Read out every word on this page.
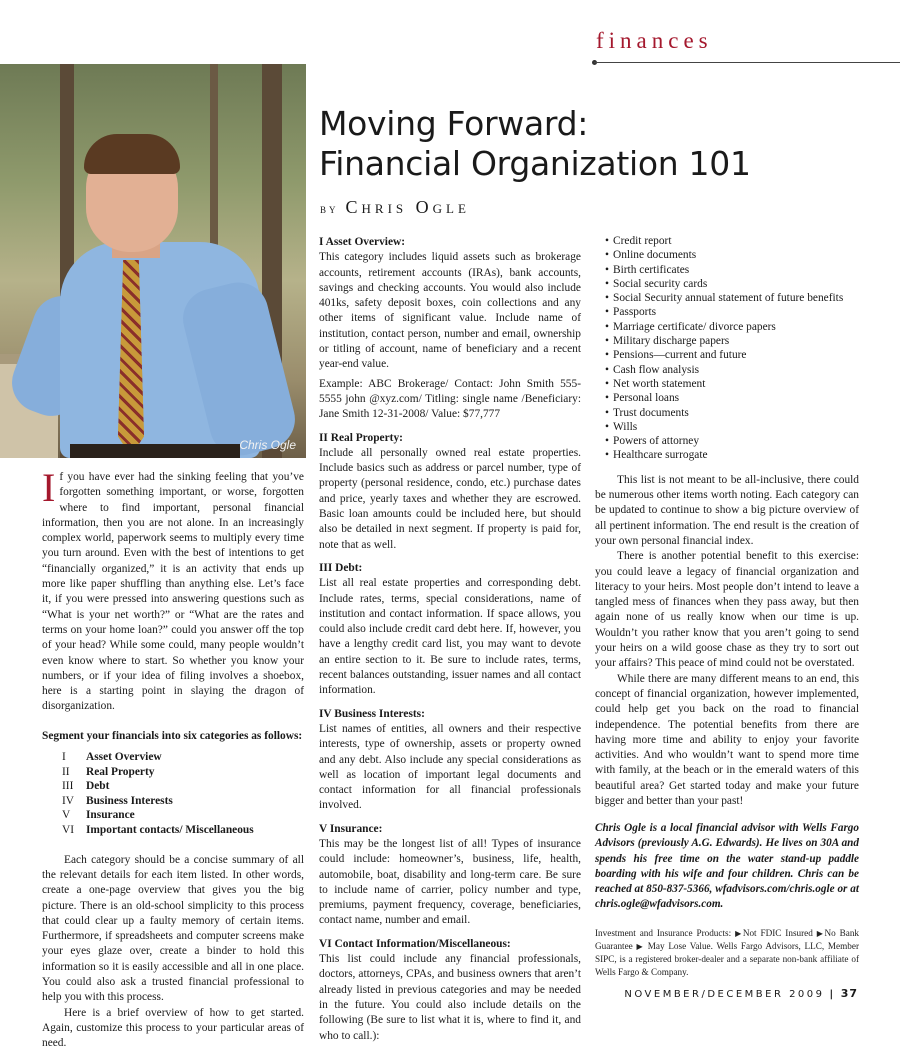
finances
Chris Ogle
Moving Forward:
Financial Organization 101
by Chris Ogle

If you have ever had the sinking feeling that you’ve forgotten something important, or worse, forgotten where to find important, personal financial information, then you are not alone. In an increasingly complex world, paperwork seems to multiply every time you turn around. Even with the best of intentions to get “financially organized,” it is an activity that ends up more like paper shuffling than anything else. Let’s face it, if you were pressed into answering questions such as “What is your net worth?” or “What are the rates and terms on your home loan?” could you answer off the top of your head? While some could, many people wouldn’t even know where to start. So whether you know your numbers, or if your idea of filing involves a shoebox, here is a starting point in slaying the dragon of disorganization.

Segment your financials into six categories as follows:

I Asset Overview
II Real Property
III Debt
IV Business Interests
V Insurance
VI Important contacts/ Miscellaneous

Each category should be a concise summary of all the relevant details for each item listed. In other words, create a one-page overview that gives you the big picture. There is an old-school simplicity to this process that could clear up a faulty memory of certain items. Furthermore, if spreadsheets and computer screens make your eyes glaze over, create a binder to hold this information so it is easily accessible and all in one place. You could also ask a trusted financial professional to help you with this process.

Here is a brief overview of how to get started. Again, customize this process to your particular areas of need.

I Asset Overview:

This category includes liquid assets such as brokerage accounts, retirement accounts (IRAs), bank accounts, savings and checking accounts. You would also include 401ks, safety deposit boxes, coin collections and any other items of significant value. Include name of institution, contact person, number and email, ownership or titling of account, name of beneficiary and a recent year-end value.

Example: ABC Brokerage/ Contact: John Smith 555-5555 john @xyz.com/ Titling: single name /Beneficiary: Jane Smith 12-31-2008/ Value: $77,777

II Real Property:

Include all personally owned real estate properties. Include basics such as address or parcel number, type of property (personal residence, condo, etc.) purchase dates and price, yearly taxes and whether they are escrowed. Basic loan amounts could be included here, but should also be detailed in next segment. If property is paid for, note that as well.

III Debt:

List all real estate properties and corresponding debt. Include rates, terms, special considerations, name of institution and contact information. If space allows, you could also include credit card debt here. If, however, you have a lengthy credit card list, you may want to devote an entire section to it. Be sure to include rates, terms, recent balances outstanding, issuer names and all contact information.

IV Business Interests:

List names of entities, all owners and their respective interests, type of ownership, assets or property owned and any debt. Also include any special considerations as well as location of important legal documents and contact information for all financial professionals involved.

V Insurance:

This may be the longest list of all! Types of insurance could include: homeowner’s, business, life, health, automobile, boat, disability and long-term care. Be sure to include name of carrier, policy number and type, premiums, payment frequency, coverage, beneficiaries, contact name, number and email.

VI Contact Information/Miscellaneous:

This list could include any financial professionals, doctors, attorneys, CPAs, and business owners that aren’t already listed in previous categories and may be needed in the future. You could also include details on the following (Be sure to list what it is, where to find it, and who to call.):

• Credit report
• Online documents
• Birth certificates
• Social security cards
• Social Security annual statement of future benefits
• Passports
• Marriage certificate/ divorce papers
• Military discharge papers
• Pensions—current and future
• Cash flow analysis
• Net worth statement
• Personal loans
• Trust documents
• Wills
• Powers of attorney
• Healthcare surrogate

This list is not meant to be all-inclusive, there could be numerous other items worth noting. Each category can be updated to continue to show a big picture overview of all pertinent information. The end result is the creation of your own personal financial index.

There is another potential benefit to this exercise: you could leave a legacy of financial organization and literacy to your heirs. Most people don’t intend to leave a tangled mess of finances when they pass away, but then again none of us really know when our time is up. Wouldn’t you rather know that you aren’t going to send your heirs on a wild goose chase as they try to sort out your affairs? This peace of mind could not be overstated.

While there are many different means to an end, this concept of financial organization, however implemented, could help get you back on the road to financial independence. The potential benefits from there are having more time and ability to enjoy your favorite activities. And who wouldn’t want to spend more time with family, at the beach or in the emerald waters of this beautiful area? Get started today and make your future bigger and better than your past!

Chris Ogle is a local financial advisor with Wells Fargo Advisors (previously A.G. Edwards). He lives on 30A and spends his free time on the water stand-up paddle boarding with his wife and four children. Chris can be reached at 850-837-5366, wfadvisors.com/chris.ogle or at chris.ogle@wfadvisors.com.

Investment and Insurance Products: ▶Not FDIC Insured ▶No Bank Guarantee ▶ May Lose Value. Wells Fargo Advisors, LLC, Member SIPC, is a registered broker-dealer and a separate non-bank affiliate of Wells Fargo & Company.

NOVEMBER/DECEMBER 2009 | 37
